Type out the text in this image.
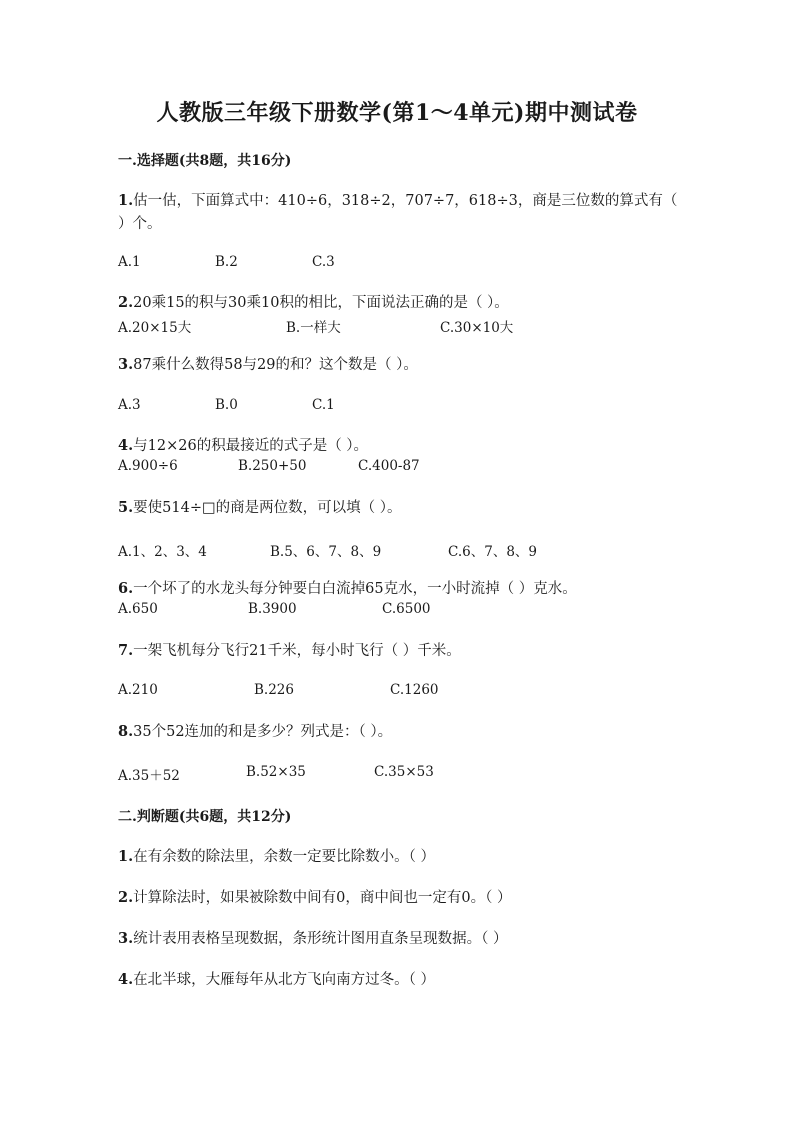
人教版三年级下册数学(第1～4单元)期中测试卷
一.选择题(共8题，共16分)
1.估一估，下面算式中：410÷6，318÷2，707÷7，618÷3，商是三位数的算式有（ ）个。
A.1	B.2	C.3
2.20乘15的积与30乘10积的相比，下面说法正确的是（ ）。
A.20×15大	B.一样大	C.30×10大
3.87乘什么数得58与29的和？这个数是（ ）。
A.3	B.0	C.1
4.与12×26的积最接近的式子是（ ）。
A.900÷6	B.250+50	C.400-87
5.要使514÷□的商是两位数，可以填（ ）。
A.1、2、3、4	B.5、6、7、8、9	C.6、7、8、9
6.一个坏了的水龙头每分钟要白白流掉65克水，一小时流掉（ ）克水。
A.650	B.3900	C.6500
7.一架飞机每分飞行21千米，每小时飞行（ ）千米。
A.210	B.226	C.1260
8.35个52连加的和是多少？列式是：（ ）。
A.35＋52	B.52×35	C.35×53
二.判断题(共6题，共12分)
1.在有余数的除法里，余数一定要比除数小。（ ）
2.计算除法时，如果被除数中间有0，商中间也一定有0。（ ）
3.统计表用表格呈现数据，条形统计图用直条呈现数据。（ ）
4.在北半球，大雁每年从北方飞向南方过冬。（ ）
